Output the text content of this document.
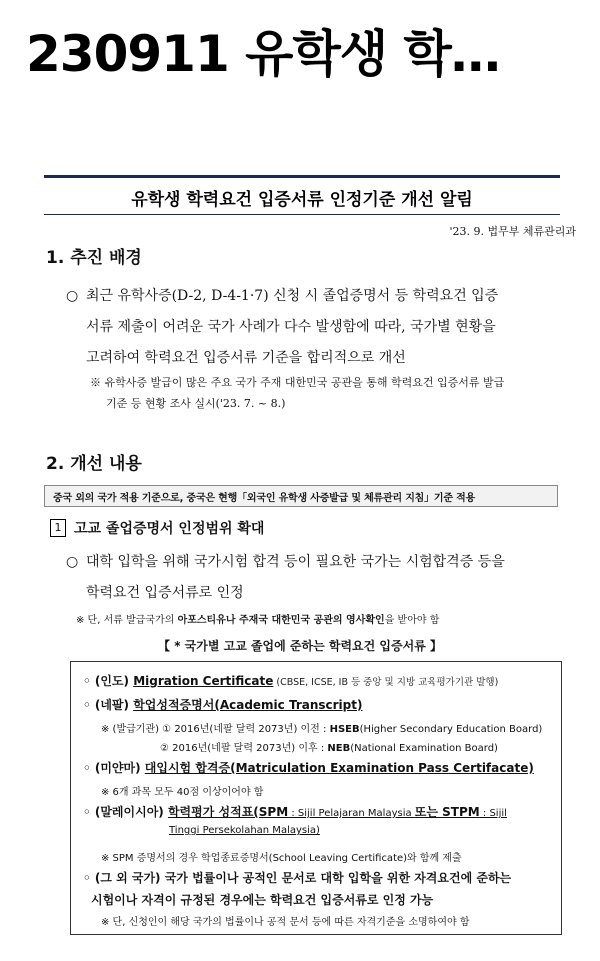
230911 유학생 학…
유학생 학력요건 입증서류 인정기준 개선 알림
'23. 9. 법무부 체류관리과
1. 추진 배경
○ 최근 유학사증(D-2, D-4-1·7) 신청 시 졸업증명서 등 학력요건 입증
서류 제출이 어려운 국가 사례가 다수 발생함에 따라, 국가별 현황을
고려하여 학력요건 입증서류 기준을 합리적으로 개선
※ 유학사증 발급이 많은 주요 국가 주재 대한민국 공관을 통해 학력요건 입증서류 발급
기준 등 현황 조사 실시('23. 7. ~ 8.)
2. 개선 내용
중국 외의 국가 적용 기준으로, 중국은 현행「외국인 유학생 사증발급 및 체류관리 지침」기준 적용
1 고교 졸업증명서 인정범위 확대
○ 대학 입학을 위해 국가시험 합격 등이 필요한 국가는 시험합격증 등을
학력요건 입증서류로 인정
※ 단, 서류 발급국가의 아포스티유나 주재국 대한민국 공관의 영사확인을 받아야 함
【 * 국가별 고교 졸업에 준하는 학력요건 입증서류 】
◦ (인도) Migration Certificate (CBSE, ICSE, IB 등 중앙 및 지방 교육평가기관 발행)
◦ (네팔) 학업성적증명서(Academic Transcript)
※ (발급기관) ① 2016년(네팔 달력 2073년) 이전 : HSEB(Higher Secondary Education Board)
② 2016년(네팔 달력 2073년) 이후 : NEB(National Examination Board)
◦ (미얀마) 대입시험 합격증(Matriculation Examination Pass Certifacate)
※ 6개 과목 모두 40점 이상이어야 함
◦ (말레이시아) 학력평가 성적표(SPM : Sijil Pelajaran Malaysia 또는 STPM : Sijil
Tinggi Persekolahan Malaysia)
※ SPM 증명서의 경우 학업종료증명서(School Leaving Certificate)와 함께 제출
◦ (그 외 국가) 국가 법률이나 공적인 문서로 대학 입학을 위한 자격요건에 준하는
시험이나 자격이 규정된 경우에는 학력요건 입증서류로 인정 가능
※ 단, 신청인이 해당 국가의 법률이나 공적 문서 등에 따른 자격기준을 소명하여야 함
